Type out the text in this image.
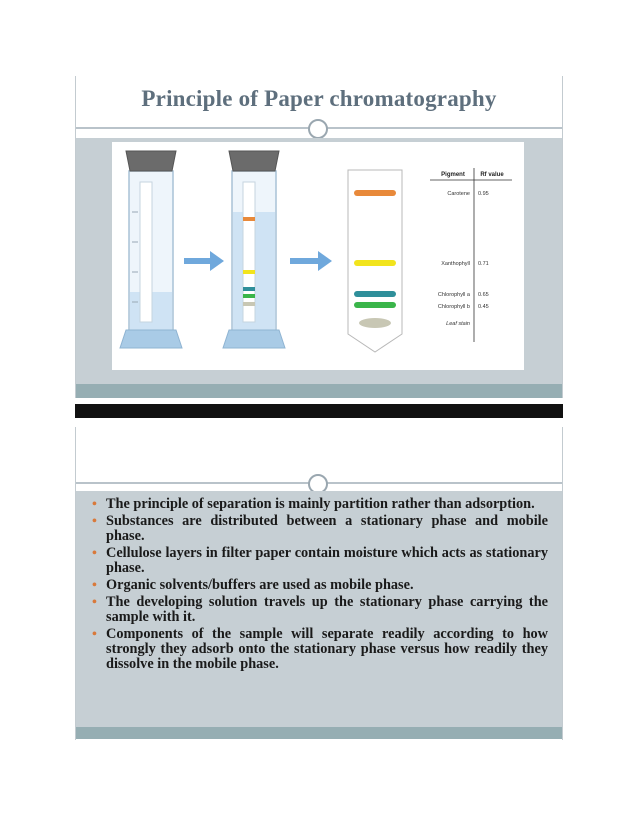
Principle of Paper chromatography
Pigment	Rf value
Carotene 0.95
Xanthophyll 0.71
Chlorophyll a 0.65
Chlorophyll b 0.45
Leaf stain
• The principle of separation is mainly partition rather than adsorption.
• Substances are distributed between a stationary phase and mobile phase.
• Cellulose layers in filter paper contain moisture which acts as stationary phase.
• Organic solvents/buffers are used as mobile phase.
• The developing solution travels up the stationary phase carrying the sample with it.
• Components of the sample will separate readily according to how strongly they adsorb onto the stationary phase versus how readily they dissolve in the mobile phase.
